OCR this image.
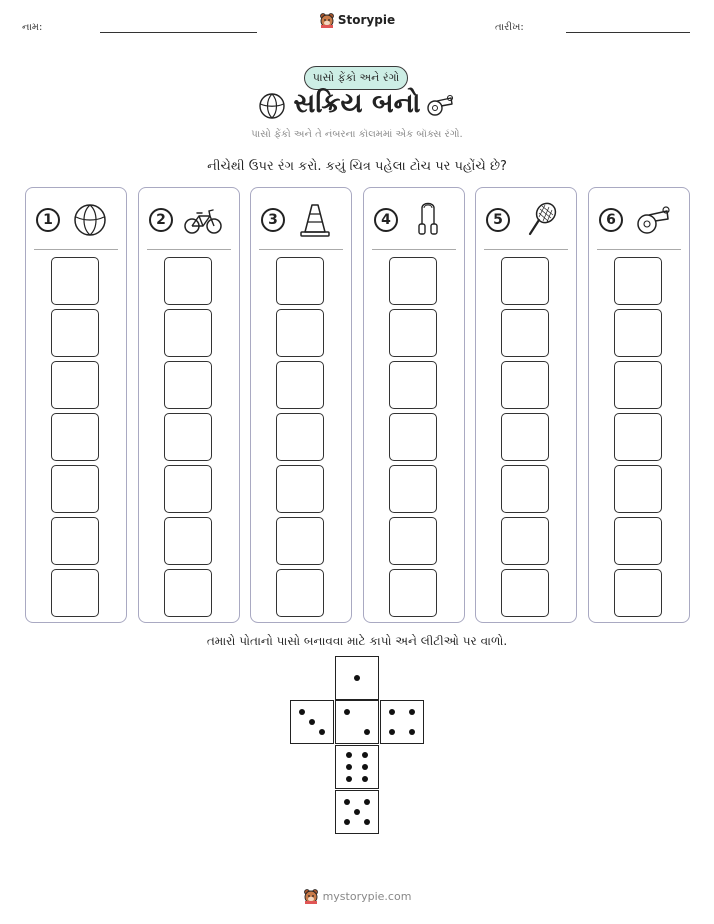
નામ:
Storypie
તારીખ:
પાસો ફેંકો અને રંગો
સક્રિય બનો
પાસો ફેંકો અને તે નંબરના કૉલમમાં એક બૉક્સ રંગો.
નીચેથી ઉપર રંગ કરો. કયું ચિત્ર પહેલા ટોચ પર પહોંચે છે?
1	2	3	4	5	6
તમારો પોતાનો પાસો બનાવવા માટે કાપો અને લીટીઓ પર વાળો.
mystorypie.com
